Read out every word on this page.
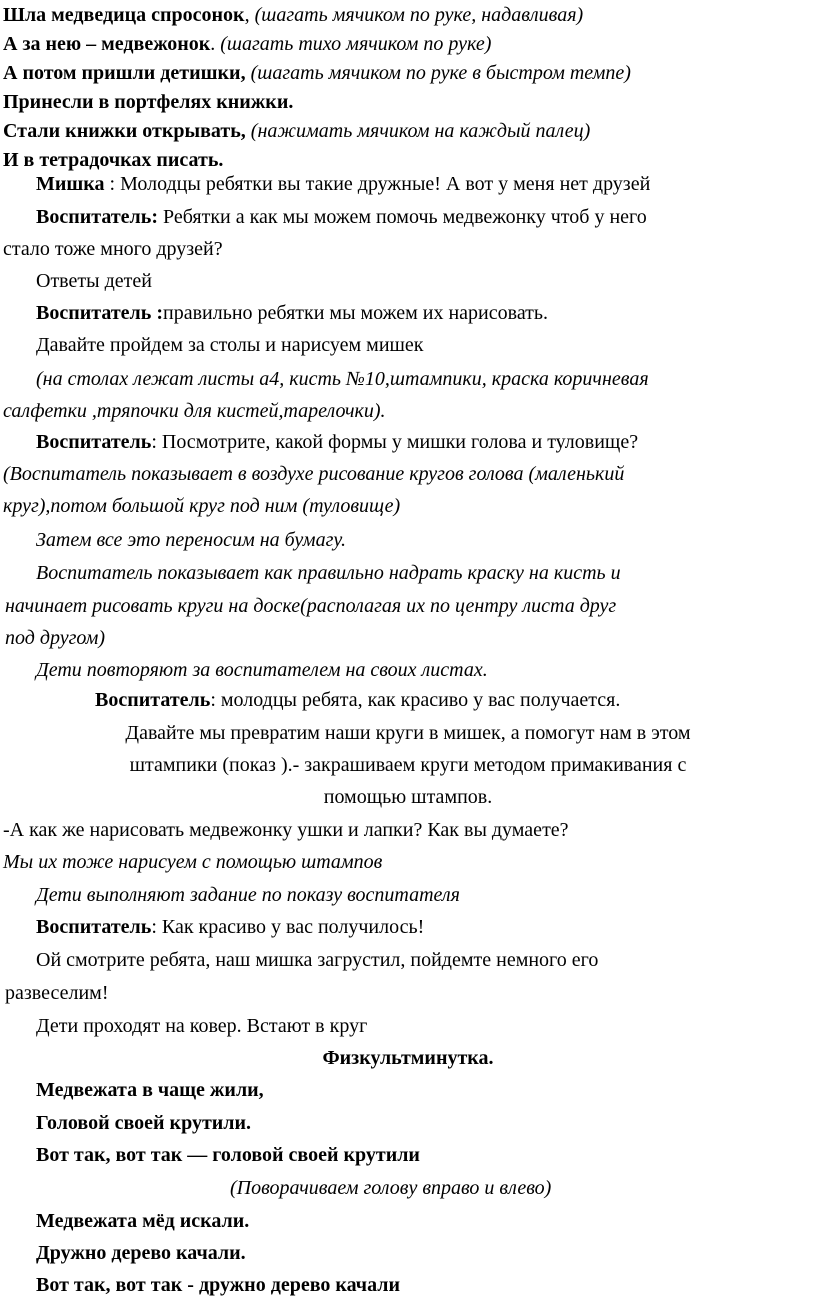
Шла медведица спросонок, (шагать мячиком по руке, надавливая)
А за нею – медвежонок. (шагать тихо мячиком по руке)
А потом пришли детишки, (шагать мячиком по руке в быстром темпе)
Принесли в портфелях книжки.
Стали книжки открывать, (нажимать мячиком на каждый палец)
И в тетрадочках писать.
Мишка : Молодцы ребятки вы такие дружные! А вот у меня нет друзей
Воспитатель: Ребятки а как мы можем помочь медвежонку чтоб у него
стало тоже много друзей?
Ответы детей
Воспитатель :правильно ребятки мы можем их нарисовать.
Давайте пройдем за столы и нарисуем мишек
(на столах лежат листы а4, кисть №10,штампики, краска коричневая
салфетки ,тряпочки для кистей,тарелочки).
Воспитатель: Посмотрите, какой формы у мишки голова и туловище?
(Воспитатель показывает в воздухе рисование кругов голова (маленький
круг),потом большой круг под ним (туловище)
Затем все это переносим на бумагу.
Воспитатель показывает как правильно надрать краску на кисть и
начинает рисовать круги на доске(располагая их по центру листа друг
под другом)
Дети повторяют за воспитателем на своих листах.
Воспитатель: молодцы ребята, как красиво у вас получается.
Давайте мы превратим наши круги в мишек, а помогут нам в этом
штампики (показ ).- закрашиваем круги методом примакивания с
помощью штампов.
-А как же нарисовать медвежонку ушки и лапки? Как вы думаете?
Мы их тоже нарисуем с помощью штампов
Дети выполняют задание по показу воспитателя
Воспитатель: Как красиво у вас получилось!
Ой смотрите ребята, наш мишка загрустил, пойдемте немного его
развеселим!
Дети проходят на ковер. Встают в круг
Физкультминутка.
Медвежата в чаще жили,
Головой своей крутили.
Вот так, вот так — головой своей крутили
(Поворачиваем голову вправо и влево)
Медвежата мёд искали.
Дружно дерево качали.
Вот так, вот так - дружно дерево качали
